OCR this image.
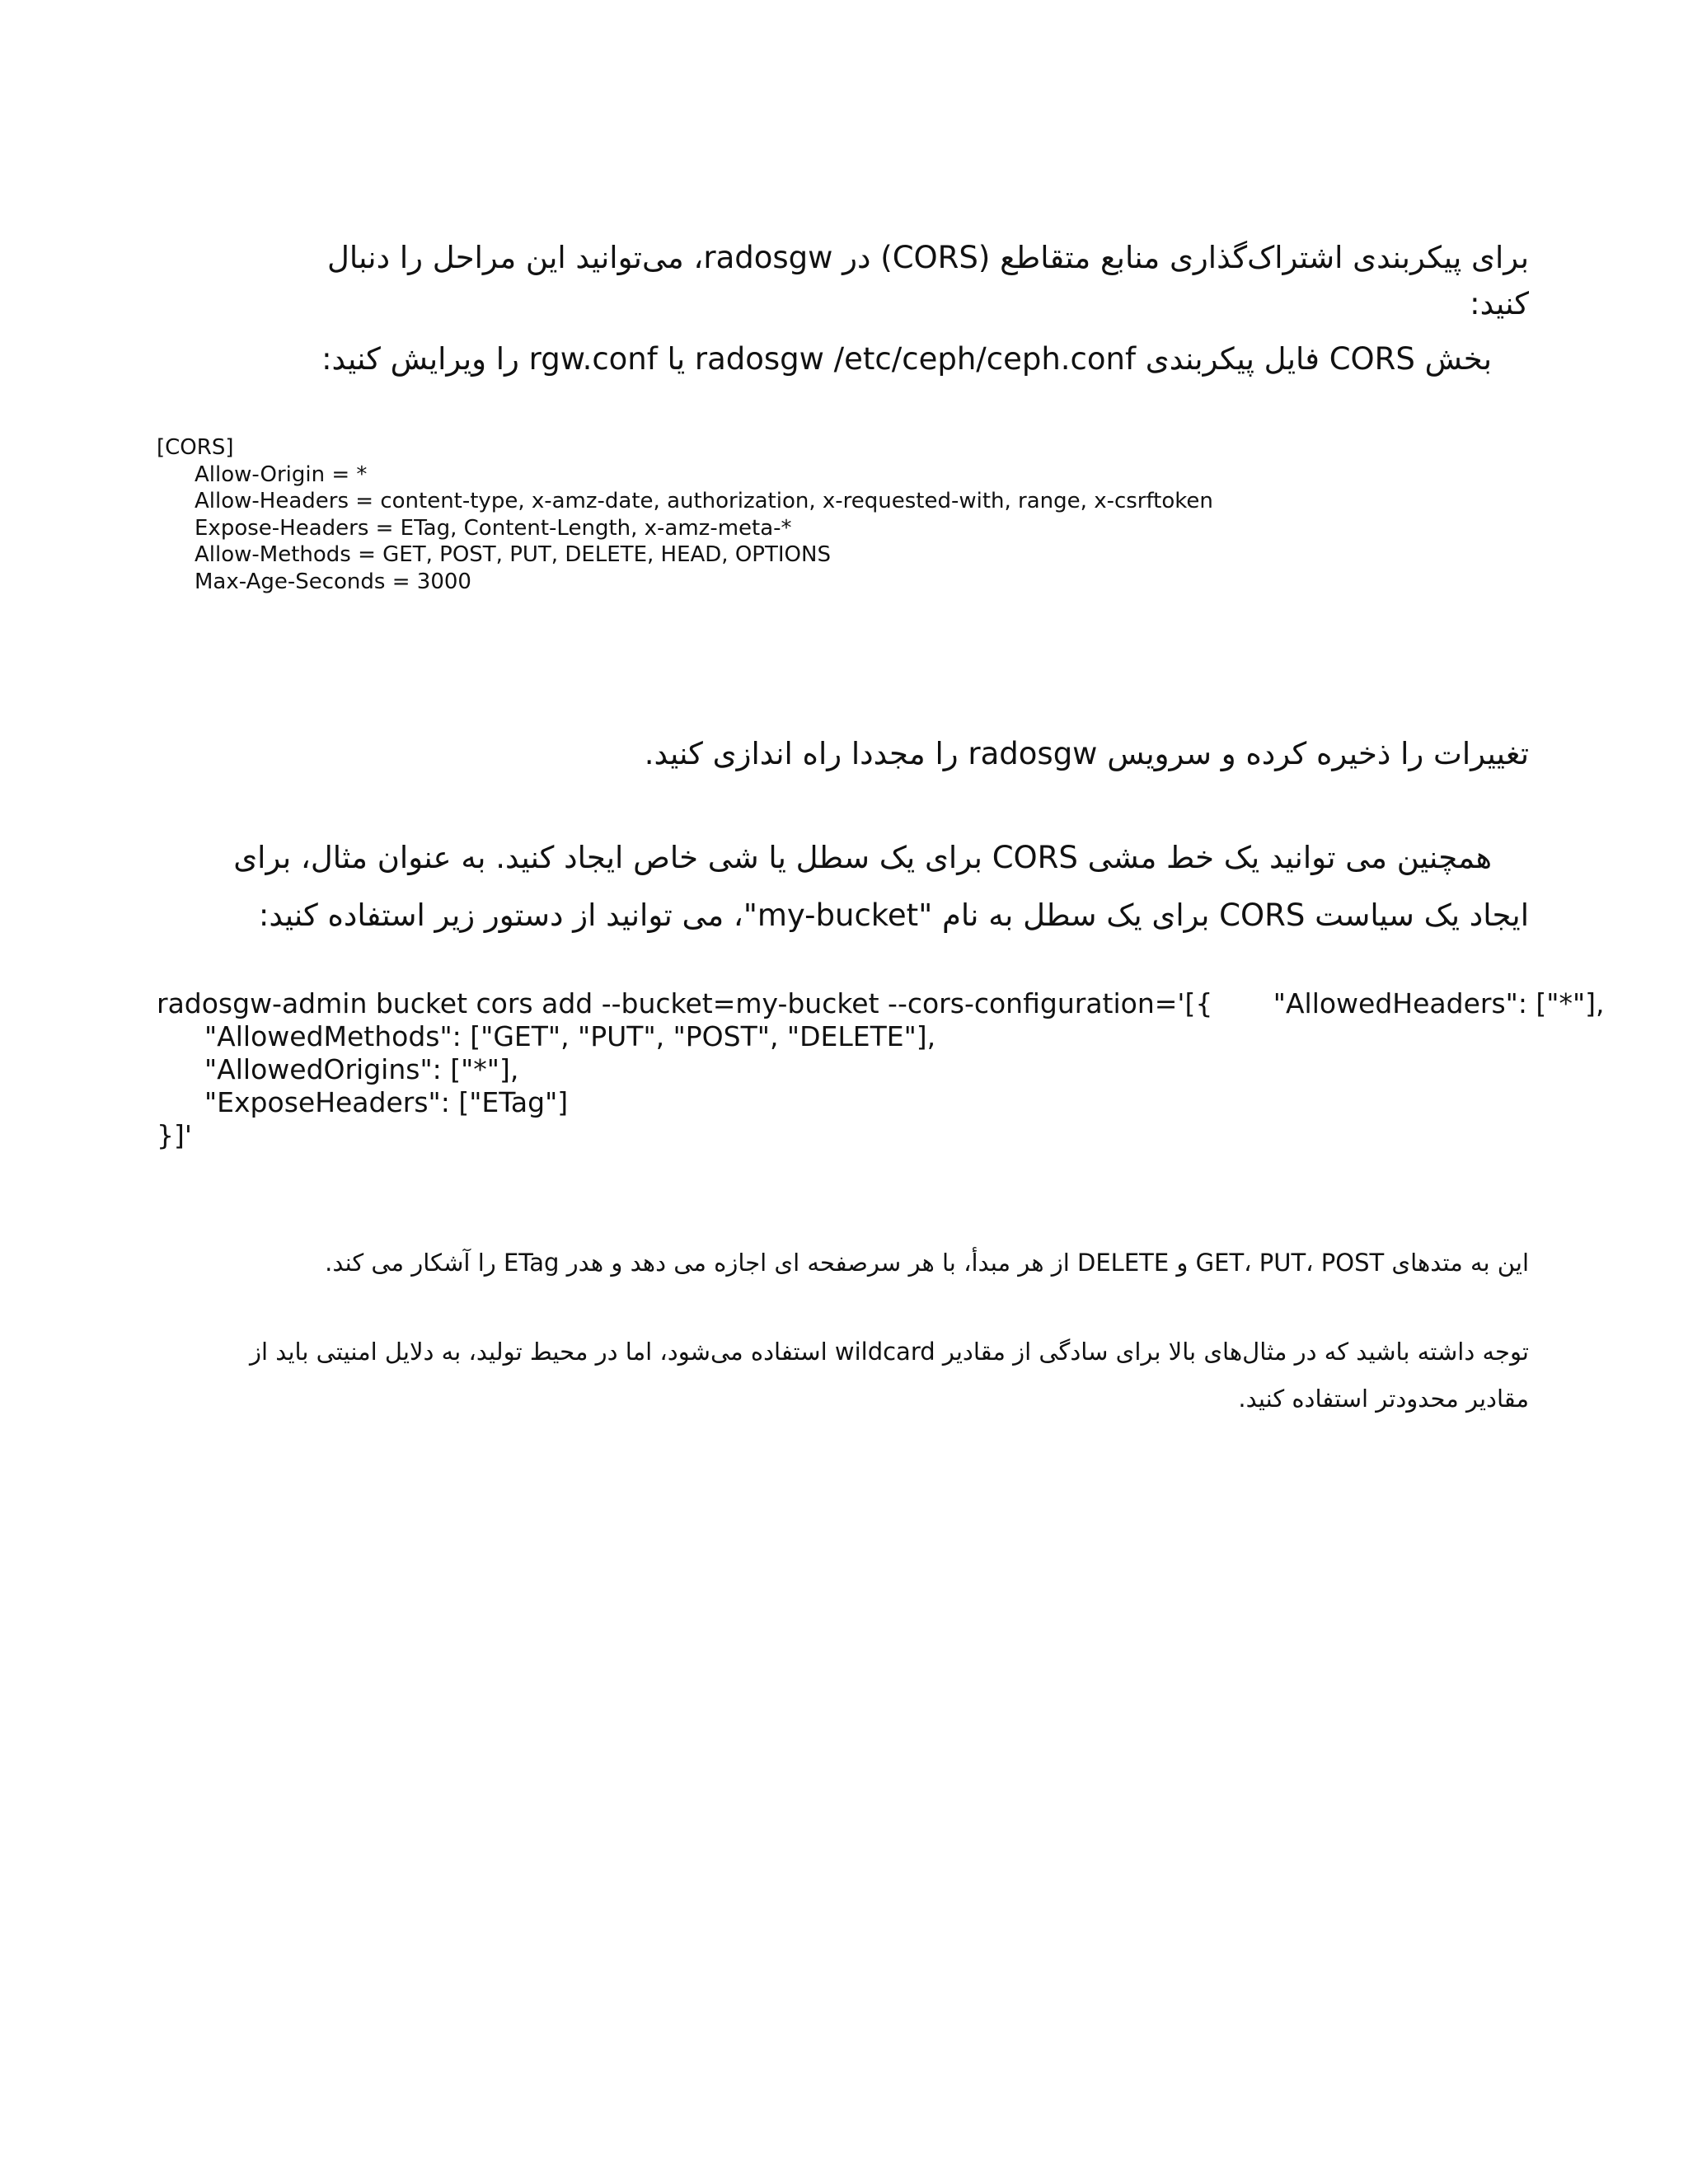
برای پیکربندی اشتراک‌گذاری منابع متقاطع (CORS) در radosgw، می‌توانید این مراحل را دنبال کنید:

بخش CORS فایل پیکربندی radosgw /etc/ceph/ceph.conf یا rgw.conf را ویرایش کنید:

[CORS]
Allow-Origin = *
Allow-Headers = content-type, x-amz-date, authorization, x-requested-with, range, x-csrftoken
Expose-Headers = ETag, Content-Length, x-amz-meta-*
Allow-Methods = GET, POST, PUT, DELETE, HEAD, OPTIONS
Max-Age-Seconds = 3000

تغییرات را ذخیره کرده و سرویس radosgw را مجددا راه اندازی کنید.

همچنین می توانید یک خط مشی CORS برای یک سطل یا شی خاص ایجاد کنید. به عنوان مثال، برای ایجاد یک سیاست CORS برای یک سطل به نام "my-bucket"، می توانید از دستور زیر استفاده کنید:

radosgw-admin bucket cors add --bucket=my-bucket --cors-configuration='[{       "AllowedHeaders": ["*"],
"AllowedMethods": ["GET", "PUT", "POST", "DELETE"],
"AllowedOrigins": ["*"],
"ExposeHeaders": ["ETag"]
}]'

این به متدهای GET، PUT، POST و DELETE از هر مبدأ، با هر سرصفحه ای اجازه می دهد و هدر ETag را آشکار می کند.

توجه داشته باشید که در مثال‌های بالا برای سادگی از مقادیر wildcard استفاده می‌شود، اما در محیط تولید، به دلایل امنیتی باید از مقادیر محدودتر استفاده کنید.
